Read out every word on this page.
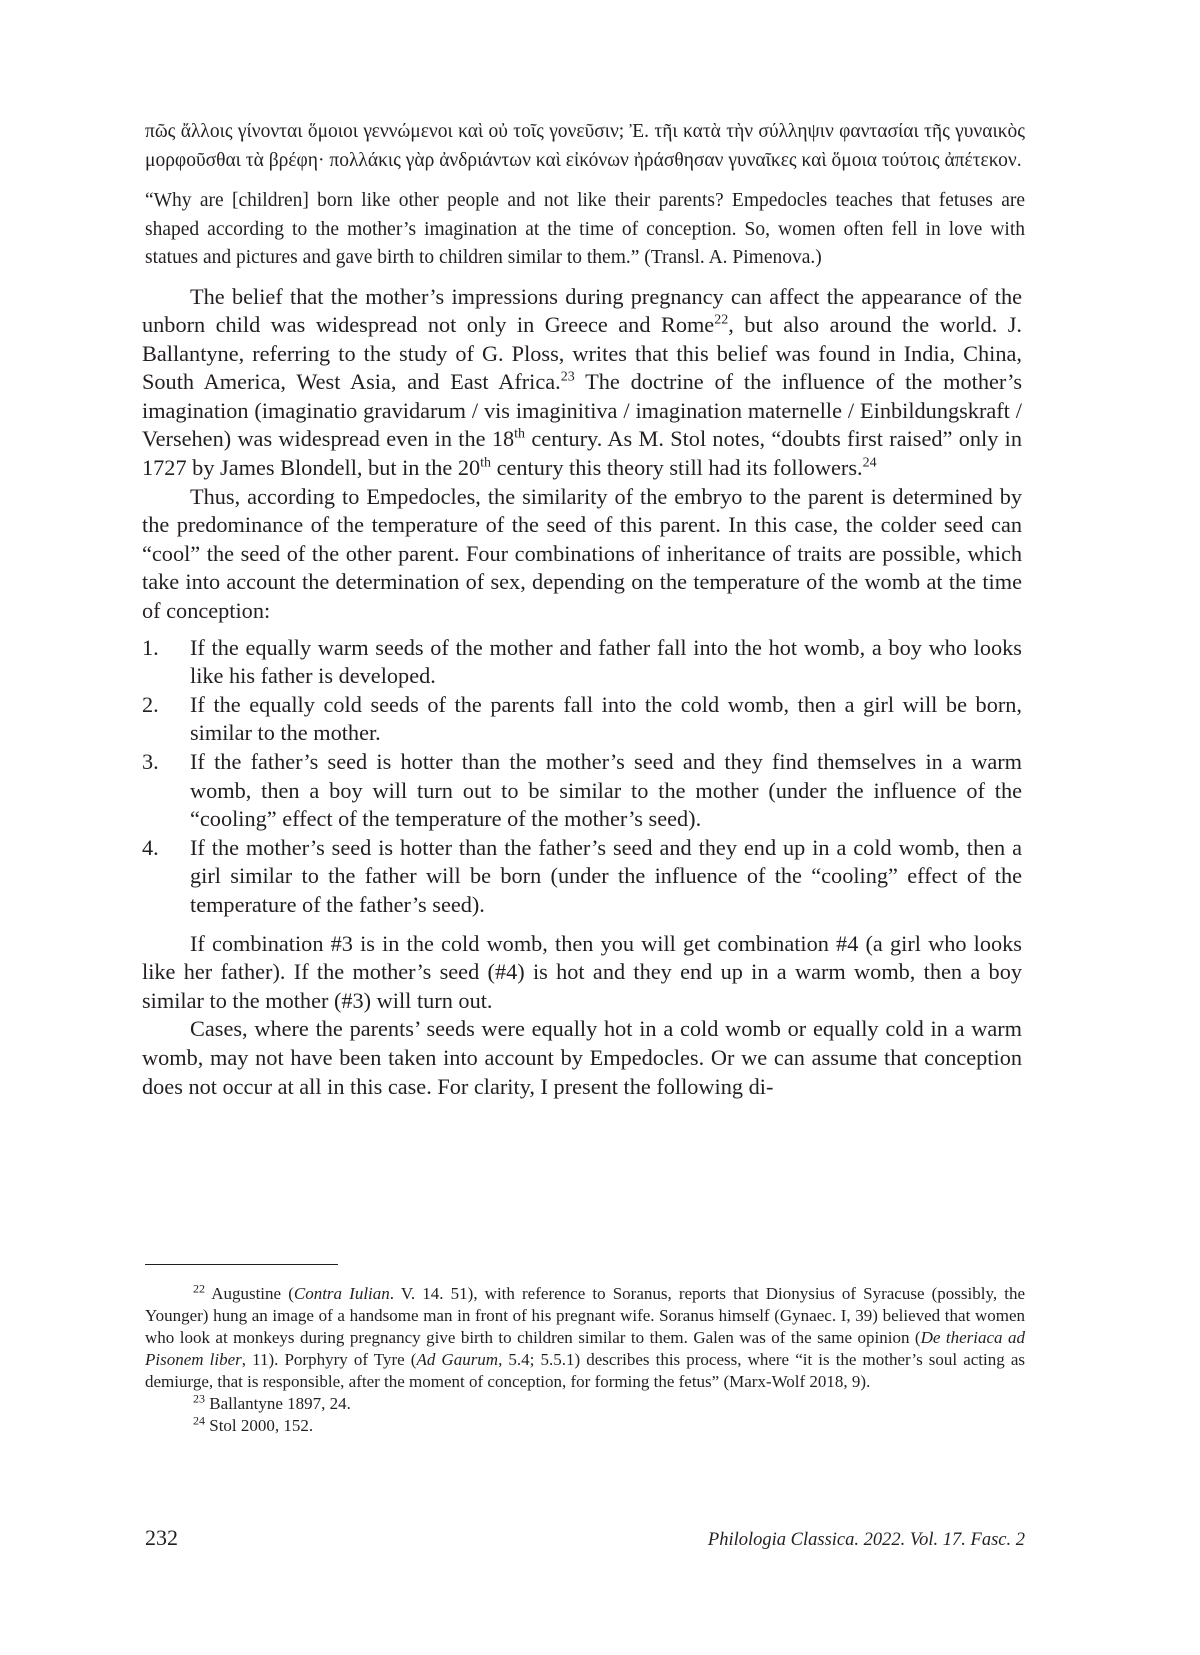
πῶς ἄλλοις γίνονται ὅμοιοι γεννώμενοι καὶ οὐ τοῖς γονεῦσιν; Ἐ. τῆι κατὰ τὴν σύλληψιν φαντασίαι τῆς γυναικὸς μορφοῦσθαι τὰ βρέφη· πολλάκις γὰρ ἀνδριάντων καὶ εἰκόνων ἠράσθησαν γυναῖκες καὶ ὅμοια τούτοις ἀπέτεκον.
“Why are [children] born like other people and not like their parents? Empedocles teaches that fetuses are shaped according to the mother’s imagination at the time of conception. So, women often fell in love with statues and pictures and gave birth to children similar to them.” (Transl. A. Pimenova.)

The belief that the mother’s impressions during pregnancy can affect the appearance of the unborn child was widespread not only in Greece and Rome$^{22}$, but also around the world. J. Ballantyne, referring to the study of G. Ploss, writes that this belief was found in India, China, South America, West Asia, and East Africa.$^{23}$ The doctrine of the influence of the mother’s imagination (imaginatio gravidarum / vis imaginitiva / imagination maternelle / Einbildungskraft / Versehen) was widespread even in the 18th century. As M. Stol notes, “doubts first raised” only in 1727 by James Blondell, but in the 20th century this theory still had its followers.$^{24}$

Thus, according to Empedocles, the similarity of the embryo to the parent is determined by the predominance of the temperature of the seed of this parent. In this case, the colder seed can “cool” the seed of the other parent. Four combinations of inheritance of traits are possible, which take into account the determination of sex, depending on the temperature of the womb at the time of conception:

1.	If the equally warm seeds of the mother and father fall into the hot womb, a boy who looks like his father is developed.
2.	If the equally cold seeds of the parents fall into the cold womb, then a girl will be born, similar to the mother.
3.	If the father’s seed is hotter than the mother’s seed and they find themselves in a warm womb, then a boy will turn out to be similar to the mother (under the influence of the “cooling” effect of the temperature of the mother’s seed).
4.	If the mother’s seed is hotter than the father’s seed and they end up in a cold womb, then a girl similar to the father will be born (under the influence of the “cooling” effect of the temperature of the father’s seed).

If combination #3 is in the cold womb, then you will get combination #4 (a girl who looks like her father). If the mother’s seed (#4) is hot and they end up in a warm womb, then a boy similar to the mother (#3) will turn out.

Cases, where the parents’ seeds were equally hot in a cold womb or equally cold in a warm womb, may not have been taken into account by Empedocles. Or we can assume that conception does not occur at all in this case. For clarity, I present the following di-

$^{22}$ Augustine (Contra Iulian. V. 14. 51), with reference to Soranus, reports that Dionysius of Syracuse (possibly, the Younger) hung an image of a handsome man in front of his pregnant wife. Soranus himself (Gynaec. I, 39) believed that women who look at monkeys during pregnancy give birth to children similar to them. Galen was of the same opinion (De theriaca ad Pisonem liber, 11). Porphyry of Tyre (Ad Gaurum, 5.4; 5.5.1) describes this process, where “it is the mother’s soul acting as demiurge, that is responsible, after the moment of conception, for forming the fetus” (Marx-Wolf 2018, 9).

$^{23}$ Ballantyne 1897, 24.

$^{24}$ Stol 2000, 152.

232	Philologia Classica. 2022. Vol. 17. Fasc. 2
